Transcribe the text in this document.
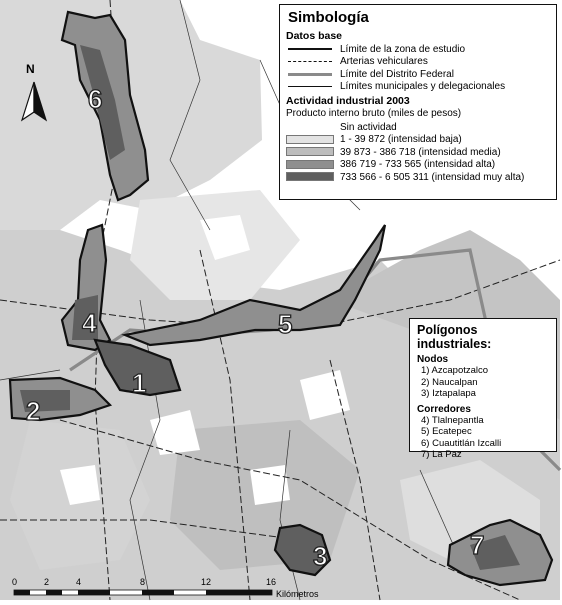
N
6
4
1
2
5
3	7
0	2	4	8	12	16
Kilómetros
Simbología
Datos base
Límite de la zona de estudio
Arterias vehiculares
Límite del Distrito Federal
Límites municipales y delegacionales
Actividad industrial 2003
Producto interno bruto (miles de pesos)
Sin actividad
1 - 39 872 (intensidad baja)
39 873 - 386 718 (intensidad media)
386 719 - 733 565 (intensidad alta)
733 566 - 6 505 311 (intensidad muy alta)
Polígonos industriales:
Nodos
1) Azcapotzalco
2) Naucalpan
3) Iztapalapa
Corredores
4) Tlalnepantla
5) Ecatepec
6) Cuautitlán Izcalli
7) La Paz
